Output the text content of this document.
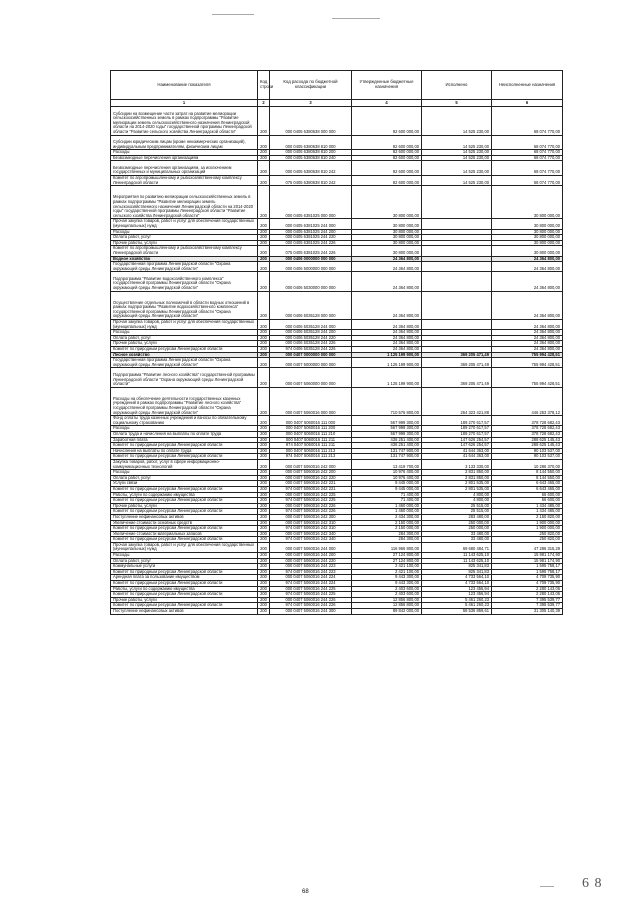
Наименование показателя	Код строки	Код расхода по бюджетной классификации	Утвержденные бюджетные назначения	Исполнено	Неисполненные назначения
1	2	3	4	5	6
Субсидии на возмещение части затрат на развитие мелиорации сельскохозяйственных земель в рамках подпрограммы "Развитие мелиорации земель сельскохозяйственного назначения Ленинградской области на 2014-2020 годы" государственной программы Ленинградской области "Развитие сельского хозяйства Ленинградской области"	200	000 0405 6380638 000 000	82 600 000,00	14 525 230,00	68 074 770,00
Субсидии юридическим лицам (кроме некоммерческих организаций), индивидуальным предпринимателям, физическим лицам	200	000 0405 6380638 810 000	82 600 000,00	14 525 230,00	68 074 770,00
Расходы	200	000 0405 6380638 810 200	82 600 000,00	14 525 230,00	68 074 770,00
Безвозмездные перечисления организациям	200	000 0405 6380638 810 240	82 600 000,00	14 525 230,00	68 074 770,00
Безвозмездные перечисления организациям, за исключением государственных и муниципальных организаций	200	000 0405 6380638 810 242	82 600 000,00	14 525 230,00	68 074 770,00
Комитет по агропромышленному и рыбохозяйственному комплексу Ленинградской области	200	075 0405 6380638 810 242	82 600 000,00	14 525 230,00	68 074 770,00
Мероприятия по развитию мелиорации сельскохозяйственных земель в рамках подпрограммы "Развитие мелиорации земель сельскохозяйственного назначения Ленинградской области на 2014-2020 годы" государственной программы Ленинградской области "Развитие сельского хозяйства Ленинградской области"	200	000 0405 6381025 000 000	30 800 000,00		30 800 000,00
Прочая закупка товаров, работ и услуг для обеспечения государственных (муниципальных) нужд	200	000 0405 6381025 244 000	30 800 000,00		30 800 000,00
Расходы	200	000 0405 6381025 244 200	30 800 000,00		30 800 000,00
Оплата работ, услуг	200	000 0405 6381025 244 220	30 800 000,00		30 800 000,00
Прочие работы, услуги	200	000 0405 6381025 244 226	30 800 000,00		30 800 000,00
Комитет по агропромышленному и рыбохозяйственному комплексу Ленинградской области	200	075 0405 6381025 244 226	30 800 000,00		30 800 000,00
Водное хозяйство	200	000 0406 0000000 000 000	24 364 800,00		24 364 800,00
Государственная программа Ленинградской области "Охрана окружающей среды Ленинградской области"	200	000 0406 5000000 000 000	24 364 800,00		24 364 800,00
Подпрограмма "Развитие водохозяйственного комплекса" государственной программы Ленинградской области "Охрана окружающей среды Ленинградской области"	200	000 0406 5030000 000 000	24 364 800,00		24 364 800,00
Осуществление отдельных полномочий в области водных отношений в рамках подпрограммы "Развитие водохозяйственного комплекса" государственной программы Ленинградской области "Охрана окружающей среды Ленинградской области"	200	000 0406 5035128 000 000	24 364 800,00		24 364 800,00
Прочая закупка товаров, работ и услуг для обеспечения государственных (муниципальных) нужд	200	000 0406 5035128 244 000	24 364 800,00		24 364 800,00
Расходы	200	000 0406 5035128 244 200	24 364 800,00		24 364 800,00
Оплата работ, услуг	200	000 0406 5035128 244 220	24 364 800,00		24 364 800,00
Прочие работы, услуги	200	000 0406 5035128 244 226	24 364 800,00		24 364 800,00
Комитет по природным ресурсам Ленинградской области	200	974 0406 5035128 244 226	24 364 800,00		24 364 800,00
Лесное хозяйство	200	000 0407 0000000 000 000	1 125 199 900,00	369 205 471,49	755 994 428,51
Государственная программа Ленинградской области "Охрана окружающей среды Ленинградской области"	200	000 0407 5000000 000 000	1 125 199 900,00	369 205 471,49	755 994 428,51
Подпрограмма "Развитие лесного хозяйства" государственной программы Ленинградской области "Охрана окружающей среды Ленинградской области"	200	000 0407 5060000 000 000	1 125 199 900,00	369 205 471,49	755 994 428,51
Расходы на обеспечение деятельности государственных казенных учреждений в рамках подпрограммы "Развитие лесного хозяйства" государственной программы Ленинградской области "Охрана окружающей среды Ленинградской области"	200	000 0407 5060016 000 000	710 576 800,00	264 323 421,88	446 253 378,12
Фонд оплаты труда казенных учреждений и взносы по обязательному социальному страхованию	200	000 0407 5060016 111 000	567 999 300,00	189 270 617,57	378 728 682,43
Расходы	200	000 0407 5060016 111 200	567 999 300,00	189 270 617,57	378 728 682,43
Оплата труда и начисления на выплаты по оплате труда	200	000 0407 5060016 111 210	567 999 300,00	189 270 617,57	378 728 682,43
Заработная плата	200	000 0407 5060016 111 211	436 251 400,00	147 626 254,57	288 625 145,43
Комитет по природным ресурсам Ленинградской области	200	974 0407 5060016 111 211	436 251 400,00	147 626 254,57	288 625 145,43
Начисления на выплаты по оплате труда	200	000 0407 5060016 111 213	131 747 900,00	41 644 363,00	90 103 537,00
Комитет по природным ресурсам Ленинградской области	200	974 0407 5060016 111 213	131 747 900,00	41 644 363,00	90 103 537,00
Закупка товаров, работ, услуг в сфере информационно-коммуникационных технологий	200	000 0407 5060016 242 000	13 419 700,00	3 133 330,00	10 286 370,00
Расходы	200	000 0407 5060016 242 200	10 976 400,00	2 831 850,00	8 144 550,00
Оплата работ, услуг	200	000 0407 5060016 242 220	10 976 400,00	2 831 850,00	8 144 550,00
Услуги связи	200	000 0407 5060016 242 221	9 445 000,00	2 801 535,00	6 643 465,00
Комитет по природным ресурсам Ленинградской области	200	974 0407 5060016 242 221	9 445 000,00	2 801 535,00	6 643 465,00
Работы, услуги по содержанию имущества	200	000 0407 5060016 242 225	71 400,00	4 800,00	66 600,00
Комитет по природным ресурсам Ленинградской области	200	974 0407 5060016 242 225	71 400,00	4 800,00	66 600,00
Прочие работы, услуги	200	000 0407 5060016 242 226	1 460 000,00	25 515,00	1 434 485,00
Комитет по природным ресурсам Ленинградской области	200	974 0407 5060016 242 226	1 460 000,00	25 515,00	1 434 485,00
Поступление нефинансовых активов	200	000 0407 5060016 242 300	2 434 300,00	283 480,00	2 150 820,00
Увеличение стоимости основных средств	200	000 0407 5060016 242 310	2 150 000,00	250 000,00	1 900 000,00
Комитет по природным ресурсам Ленинградской области	200	974 0407 5060016 242 310	2 150 000,00	250 000,00	1 900 000,00
Увеличение стоимости материальных запасов	200	000 0407 5060016 242 340	284 300,00	33 480,00	250 820,00
Комитет по природным ресурсам Ленинградской области	200	974 0407 5060016 242 340	284 300,00	33 480,00	250 820,00
Прочая закупка товаров, работ и услуг для обеспечения государственных (муниципальных) нужд	200	000 0407 5060016 244 000	116 966 800,00	69 680 484,71	47 286 315,29
Расходы	200	000 0407 5060016 244 200	27 124 800,00	11 143 625,10	15 981 174,90
Оплата работ, услуг	200	000 0407 5060016 244 220	27 124 800,00	11 143 625,10	15 981 174,90
Коммунальные услуги	200	000 0407 5060016 244 223	2 421 100,00	825 341,83	1 595 758,17
Комитет по природным ресурсам Ленинградской области	200	974 0407 5060016 244 223	2 421 100,00	825 341,83	1 595 758,17
Арендная плата за пользование имуществом	200	000 0407 5060016 244 224	9 443 300,00	4 733 564,10	4 709 735,90
Комитет по природным ресурсам Ленинградской области	200	974 0407 5060016 244 224	9 443 300,00	4 733 564,10	4 709 735,90
Работы, услуги по содержанию имущества	200	000 0407 5060016 244 225	2 403 600,00	123 456,94	2 280 143,06
Комитет по природным ресурсам Ленинградской области	200	974 0407 5060016 244 225	2 403 600,00	123 456,94	2 280 143,06
Прочие работы, услуги	200	000 0407 5060016 244 226	12 856 800,00	5 461 260,23	7 395 539,77
Комитет по природным ресурсам Ленинградской области	200	974 0407 5060016 244 226	12 856 800,00	5 461 260,23	7 395 539,77
Поступление нефинансовых активов	200	000 0407 5060016 244 300	89 842 000,00	58 536 859,61	31 305 140,39
68
6 8
